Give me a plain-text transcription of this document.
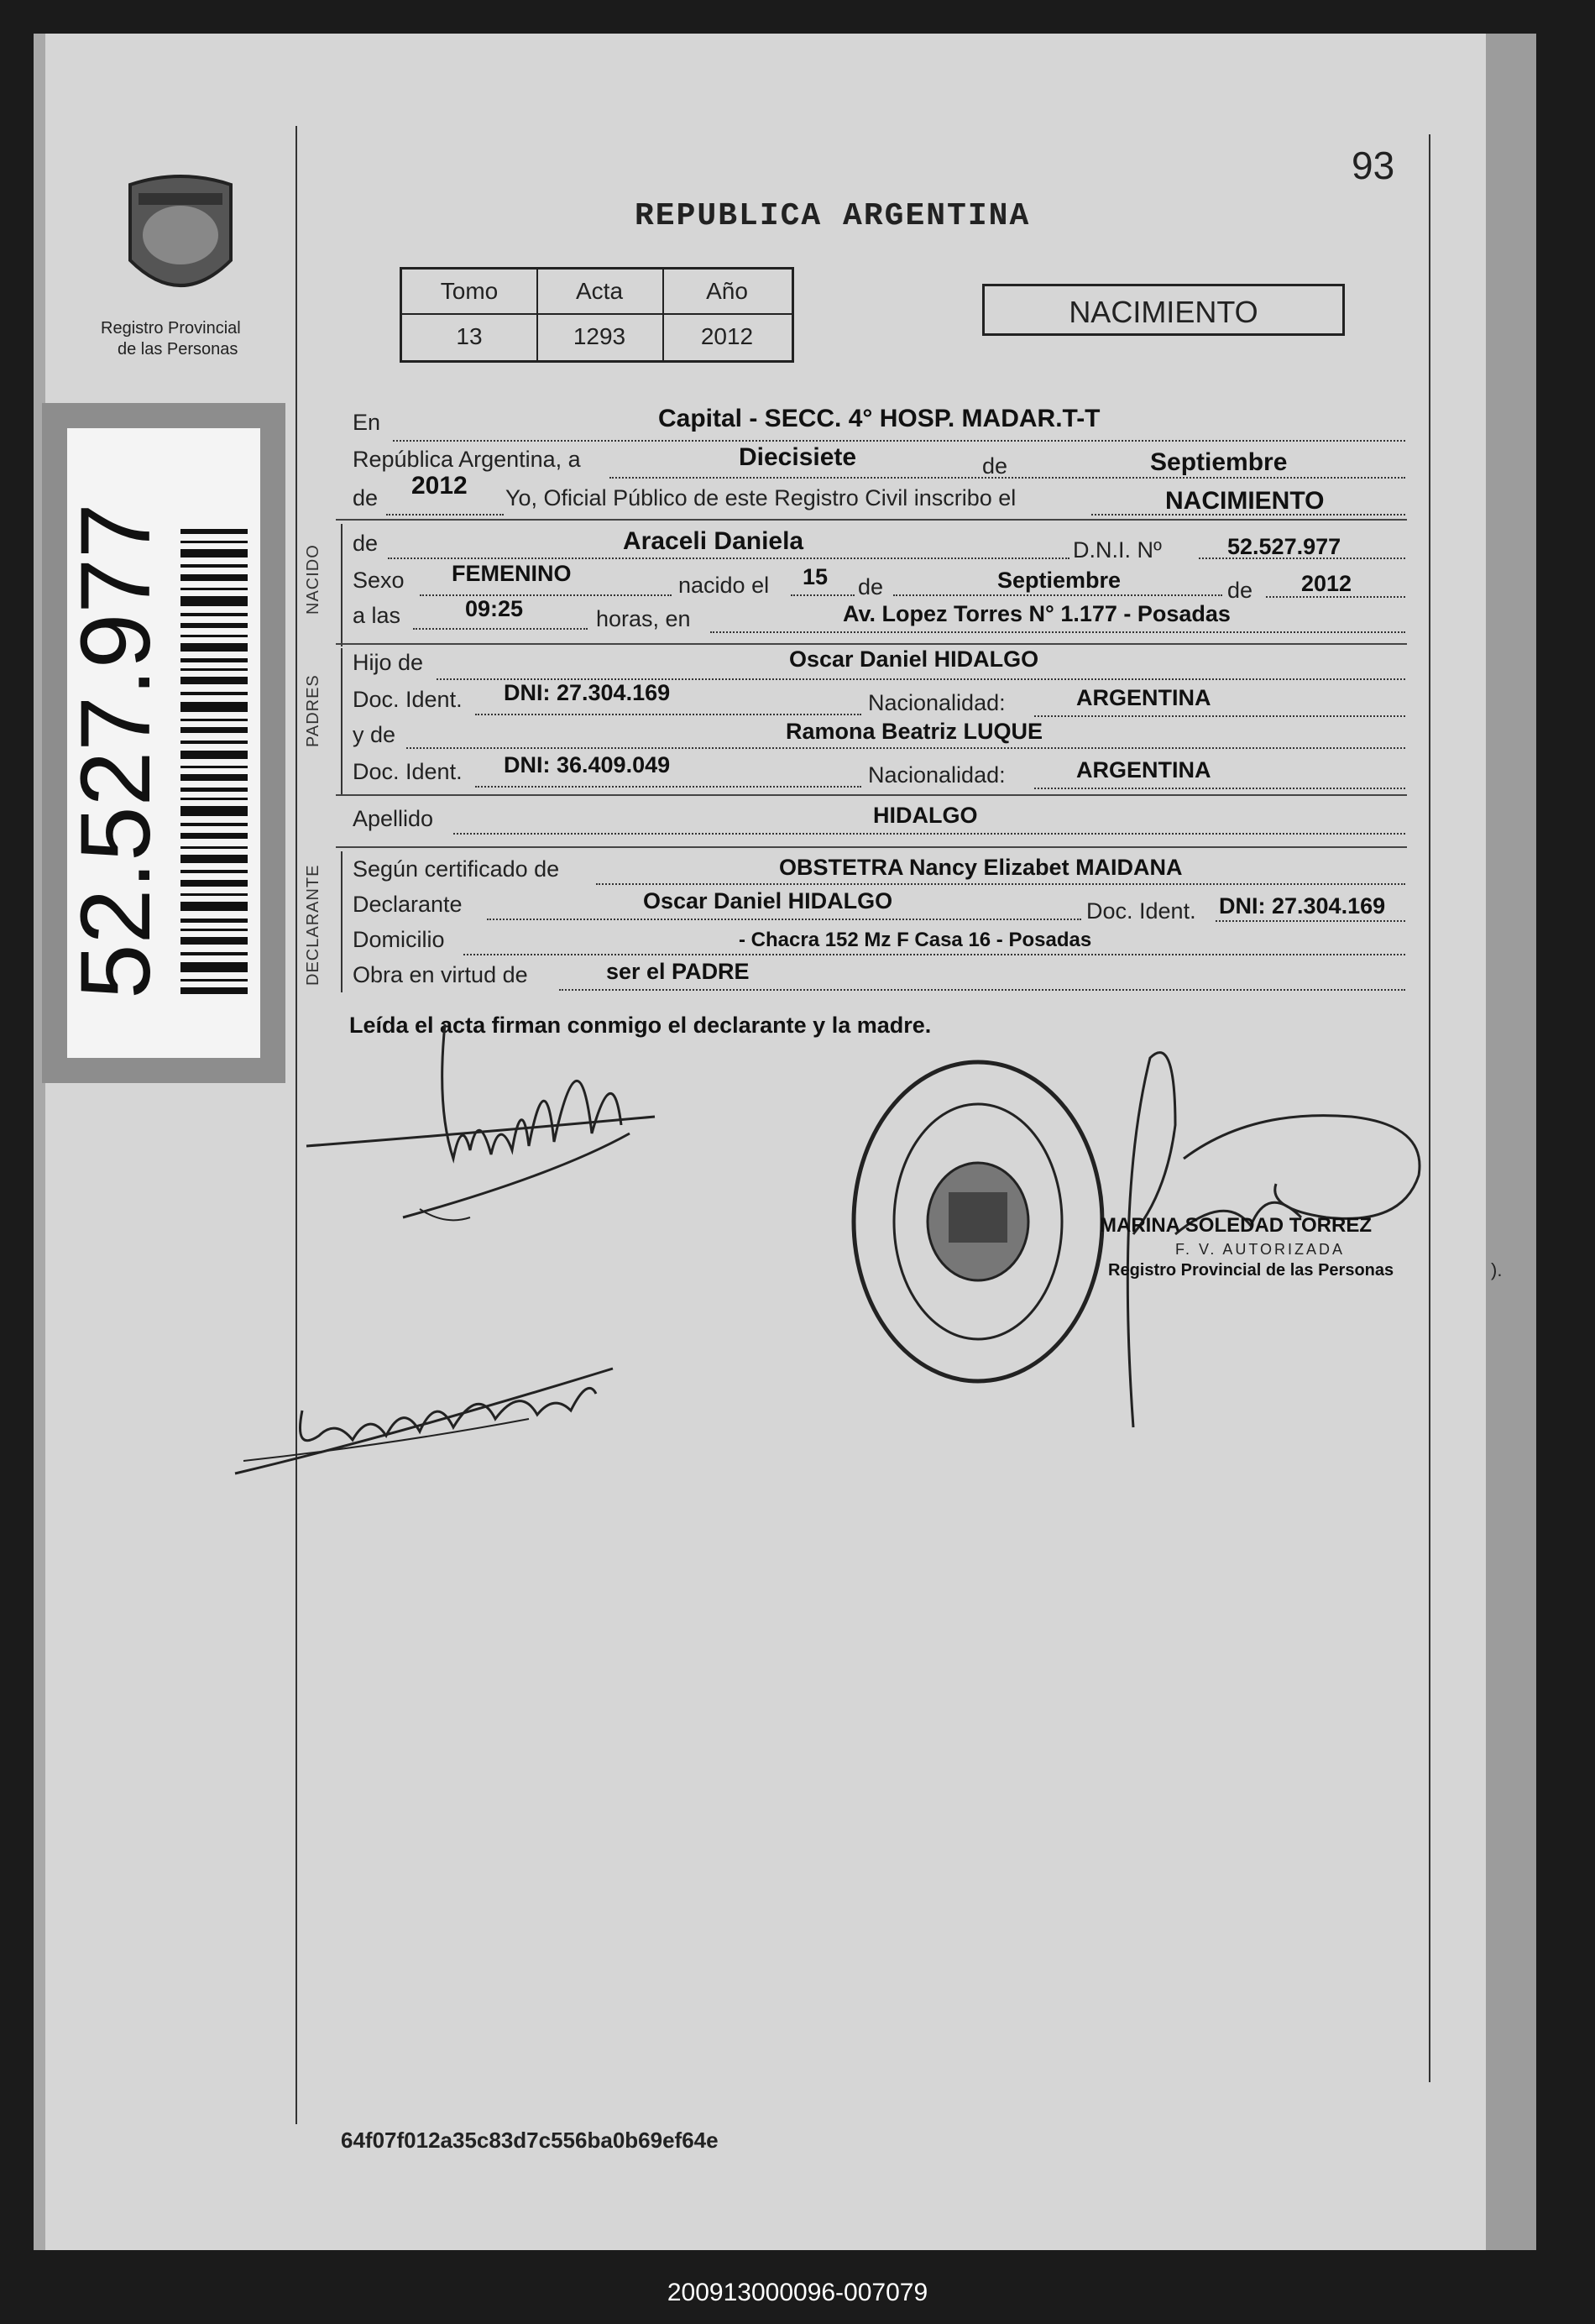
Registro Provincial
de las Personas
52.527.977
93
REPUBLICA ARGENTINA
Tomo	Acta	Año
13	1293	2012
NACIMIENTO
NACIDO
PADRES
DECLARANTE
En	Capital - SECC. 4° HOSP. MADAR.T-T
República Argentina, a	Diecisiete	de	Septiembre
de 2012 Yo, Oficial Público de este Registro Civil inscribo el	NACIMIENTO
de	Araceli Daniela	D.N.I. Nº	52.527.977
Sexo FEMENINO	nacido el 15 de	Septiembre	de 2012
a las	09:25	horas, en	Av. Lopez Torres N° 1.177 - Posadas
Hijo de	Oscar Daniel HIDALGO
Doc. Ident. DNI: 27.304.169	Nacionalidad:	ARGENTINA
y de	Ramona Beatriz LUQUE
Doc. Ident. DNI: 36.409.049	Nacionalidad:	ARGENTINA
Apellido	HIDALGO
Según certificado de	OBSTETRA Nancy Elizabet MAIDANA
Declarante	Oscar Daniel HIDALGO	Doc. Ident. DNI: 27.304.169
Domicilio	- Chacra 152 Mz F Casa 16 - Posadas
Obra en virtud de	ser el PADRE
Leída el acta firman conmigo el declarante y la madre.
MARINA SOLEDAD TORREZ
F. V. AUTORIZADA
Registro Provincial de las Personas	).
64f07f012a35c83d7c556ba0b69ef64e
200913000096-007079
